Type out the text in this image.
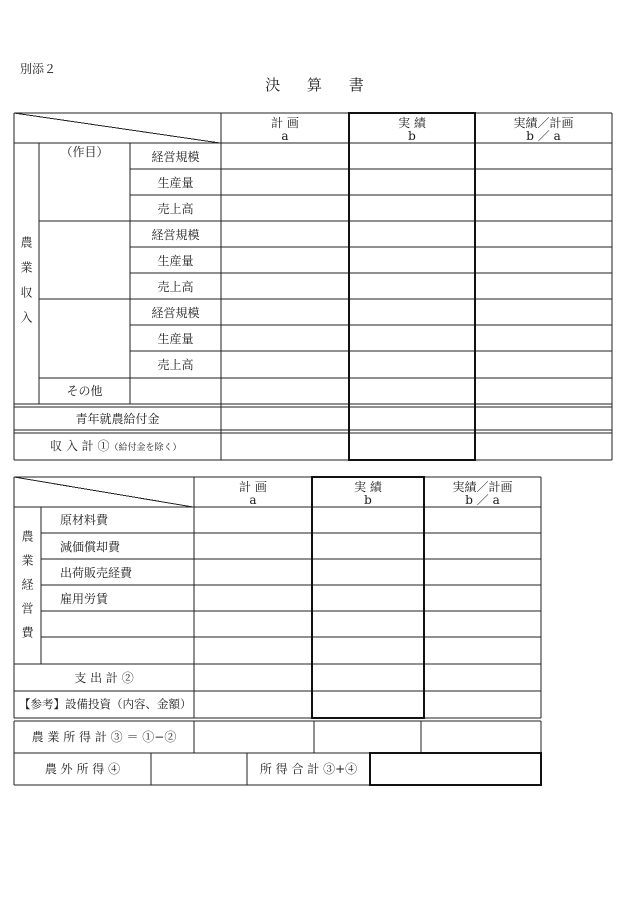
別添２
決 算 書
計 画
a
実 績
b
実績／計画
b ／ a
農業収入
（作目）	経営規模
生産量
売上高
経営規模
生産量
売上高
経営規模
生産量
売上高
その他
青年就農給付金
収 入 計 ①（給付金を除く）
計 画
a
実 績
b
実績／計画
b ／ a
農業経営費
原材料費
減価償却費
出荷販売経費
雇用労賃
支 出 計 ②
【参考】設備投資（内容、金額）
農 業 所 得 計 ③ ＝ ①−②
農 外 所 得 ④	所 得 合 計 ③+④
